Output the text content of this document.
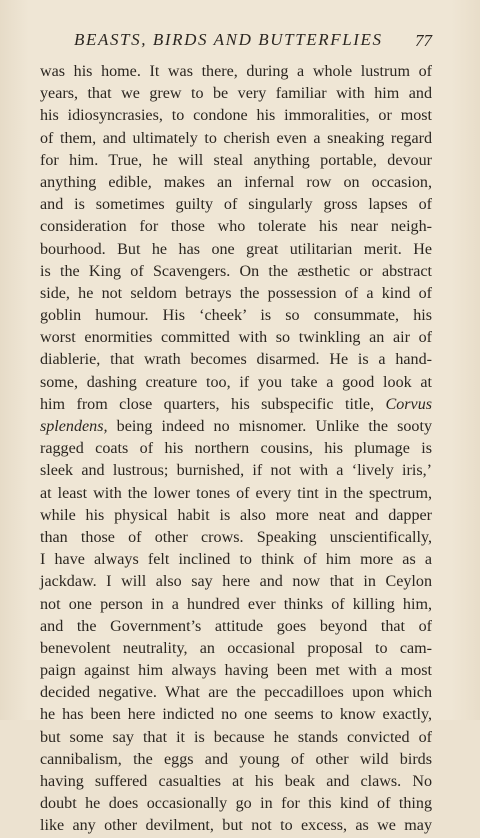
BEASTS, BIRDS AND BUTTERFLIES 77
was his home. It was there, during a whole lustrum of
years, that we grew to be very familiar with him and
his idiosyncrasies, to condone his immoralities, or most
of them, and ultimately to cherish even a sneaking regard
for him. True, he will steal anything portable, devour
anything edible, makes an infernal row on occasion,
and is sometimes guilty of singularly gross lapses of
consideration for those who tolerate his near neigh-
bourhood. But he has one great utilitarian merit. He
is the King of Scavengers. On the æsthetic or abstract
side, he not seldom betrays the possession of a kind of
goblin humour. His ‘cheek’ is so consummate, his
worst enormities committed with so twinkling an air of
diablerie, that wrath becomes disarmed. He is a hand-
some, dashing creature too, if you take a good look at
him from close quarters, his subspecific title, Corvus
splendens, being indeed no misnomer. Unlike the sooty
ragged coats of his northern cousins, his plumage is
sleek and lustrous; burnished, if not with a ‘lively iris,’
at least with the lower tones of every tint in the spectrum,
while his physical habit is also more neat and dapper
than those of other crows. Speaking unscientifically,
I have always felt inclined to think of him more as a
jackdaw. I will also say here and now that in Ceylon
not one person in a hundred ever thinks of killing him,
and the Government’s attitude goes beyond that of
benevolent neutrality, an occasional proposal to cam-
paign against him always having been met with a most
decided negative. What are the peccadilloes upon which
he has been here indicted no one seems to know exactly,
but some say that it is because he stands convicted of
cannibalism, the eggs and young of other wild birds
having suffered casualties at his beak and claws. No
doubt he does occasionally go in for this kind of thing
like any other devilment, but not to excess, as we may
